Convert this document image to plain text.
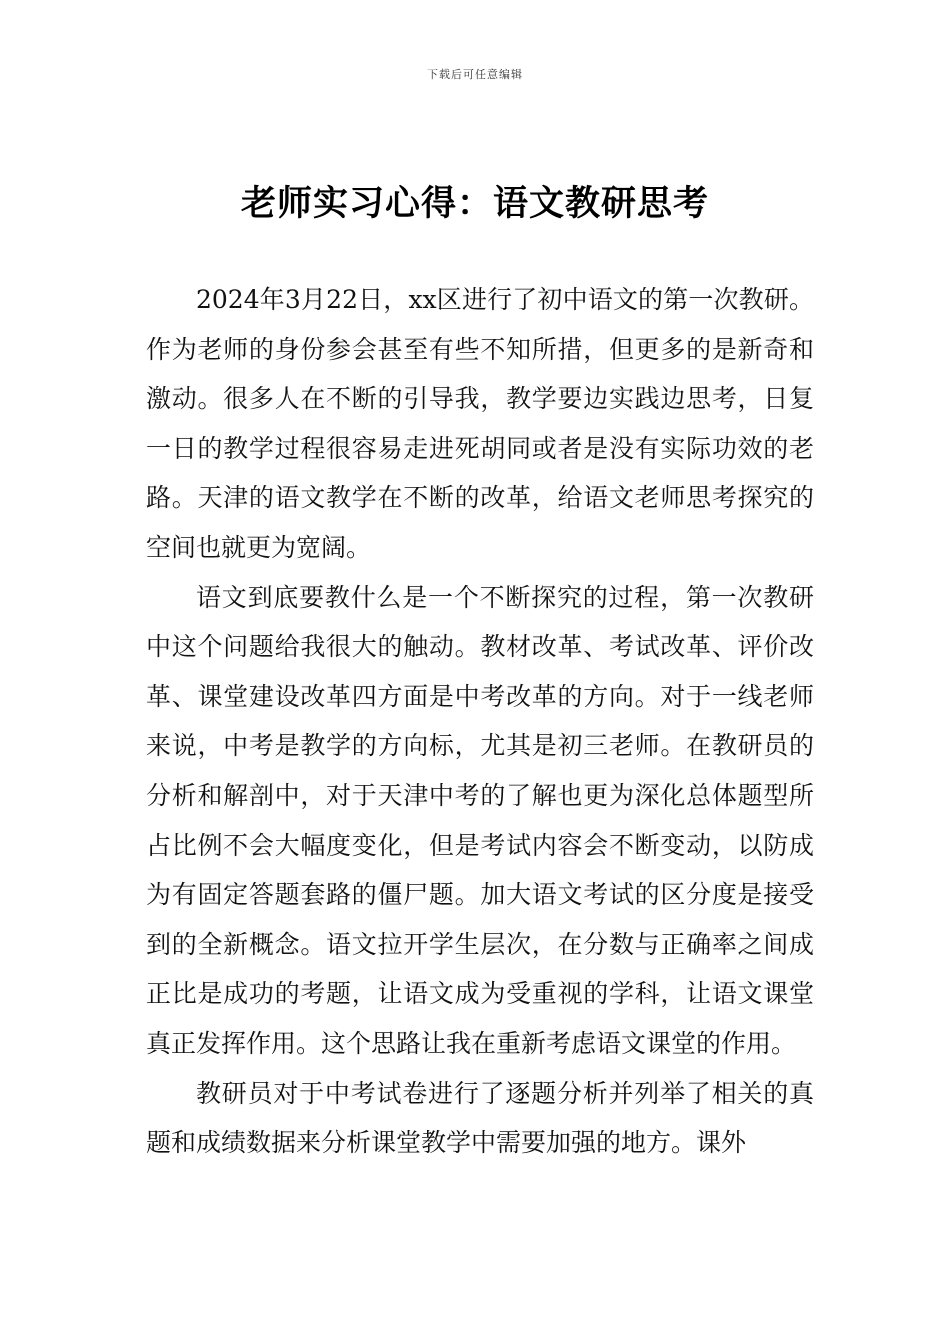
下载后可任意编辑
老师实习心得：语文教研思考

2024年3月22日，xx区进行了初中语文的第一次教研。作为老师的身份参会甚至有些不知所措，但更多的是新奇和激动。很多人在不断的引导我，教学要边实践边思考，日复一日的教学过程很容易走进死胡同或者是没有实际功效的老路。天津的语文教学在不断的改革，给语文老师思考探究的空间也就更为宽阔。

语文到底要教什么是一个不断探究的过程，第一次教研中这个问题给我很大的触动。教材改革、考试改革、评价改革、课堂建设改革四方面是中考改革的方向。对于一线老师来说，中考是教学的方向标，尤其是初三老师。在教研员的分析和解剖中，对于天津中考的了解也更为深化总体题型所占比例不会大幅度变化，但是考试内容会不断变动，以防成为有固定答题套路的僵尸题。加大语文考试的区分度是接受到的全新概念。语文拉开学生层次，在分数与正确率之间成正比是成功的考题，让语文成为受重视的学科，让语文课堂真正发挥作用。这个思路让我在重新考虑语文课堂的作用。

教研员对于中考试卷进行了逐题分析并列举了相关的真题和成绩数据来分析课堂教学中需要加强的地方。课外
